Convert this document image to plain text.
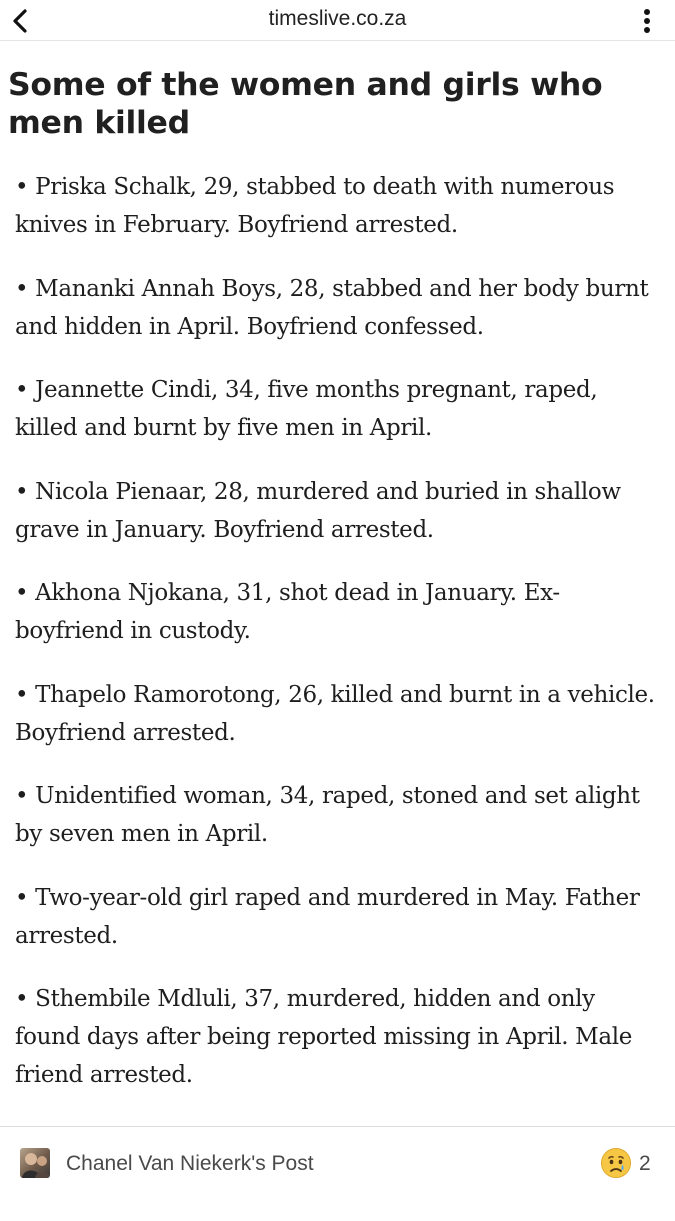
timeslive.co.za
Some of the women and girls who men killed
• Priska Schalk, 29, stabbed to death with numerous knives in February. Boyfriend arrested.
• Mananki Annah Boys, 28, stabbed and her body burnt and hidden in April. Boyfriend confessed.
• Jeannette Cindi, 34, five months pregnant, raped, killed and burnt by five men in April.
• Nicola Pienaar, 28, murdered and buried in shallow grave in January. Boyfriend arrested.
• Akhona Njokana, 31, shot dead in January. Ex-boyfriend in custody.
• Thapelo Ramorotong, 26, killed and burnt in a vehicle. Boyfriend arrested.
• Unidentified woman, 34, raped, stoned and set alight by seven men in April.
• Two-year-old girl raped and murdered in May. Father arrested.
• Sthembile Mdluli, 37, murdered, hidden and only found days after being reported missing in April. Male friend arrested.
Chanel Van Niekerk's Post	2
